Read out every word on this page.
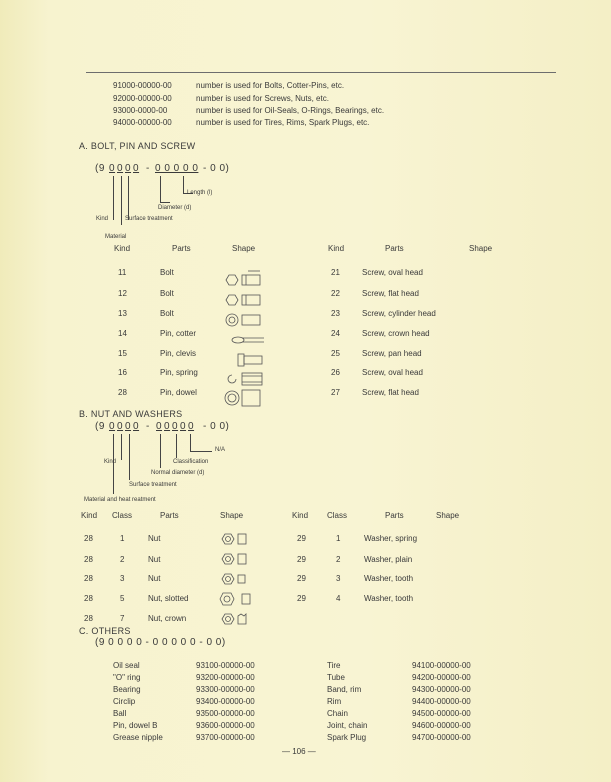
91000-00000-00	number is used for Bolts, Cotter-Pins, etc.
92000-00000-00	number is used for Screws, Nuts, etc.
93000-0000-00	number is used for Oil-Seals, O-Rings, Bearings, etc.
94000-00000-00	number is used for Tires, Rims, Spark Plugs, etc.
A. BOLT, PIN AND SCREW
(9 0 0 0 0 - 0 0 0 0 0 - 0 0)
Length (l)
Diameter (d)
Kind	Surface treatment
Material
Kind	Parts	Shape	Kind	Parts	Shape
11	Bolt
12	Bolt
13	Bolt
14	Pin, cotter
15	Pin, clevis
16	Pin, spring
28	Pin, dowel
21	Screw, oval head
22	Screw, flat head
23	Screw, cylinder head
24	Screw, crown head
25	Screw, pan head
26	Screw, oval head
27	Screw, flat head
B. NUT AND WASHERS
(9 0 0 0 0 - 0 0 0 0 0 - 0 0)
N/A
Kind	Classification
Normal diameter (d)
Surface treatment
Material and heat reatment
Kind Class	Parts	Shape	Kind Class	Parts	Shape
28	1	Nut
28	2	Nut
28	3	Nut
28	5	Nut, slotted
28	7	Nut, crown
29	1	Washer, spring
29	2	Washer, plain
29	3	Washer, tooth
29	4	Washer, tooth
C. OTHERS
(9 0 0 0 0 - 0 0 0 0 0 - 0 0)
Oil seal	93100-00000-00
"O" ring	93200-00000-00
Bearing	93300-00000-00
Circlip	93400-00000-00
Ball	93500-00000-00
Pin, dowel B	93600-00000-00
Grease nipple	93700-00000-00
Tire	94100-00000-00
Tube	94200-00000-00
Band, rim	94300-00000-00
Rim	94400-00000-00
Chain	94500-00000-00
Joint, chain	94600-00000-00
Spark Plug	94700-00000-00
— 106 —
